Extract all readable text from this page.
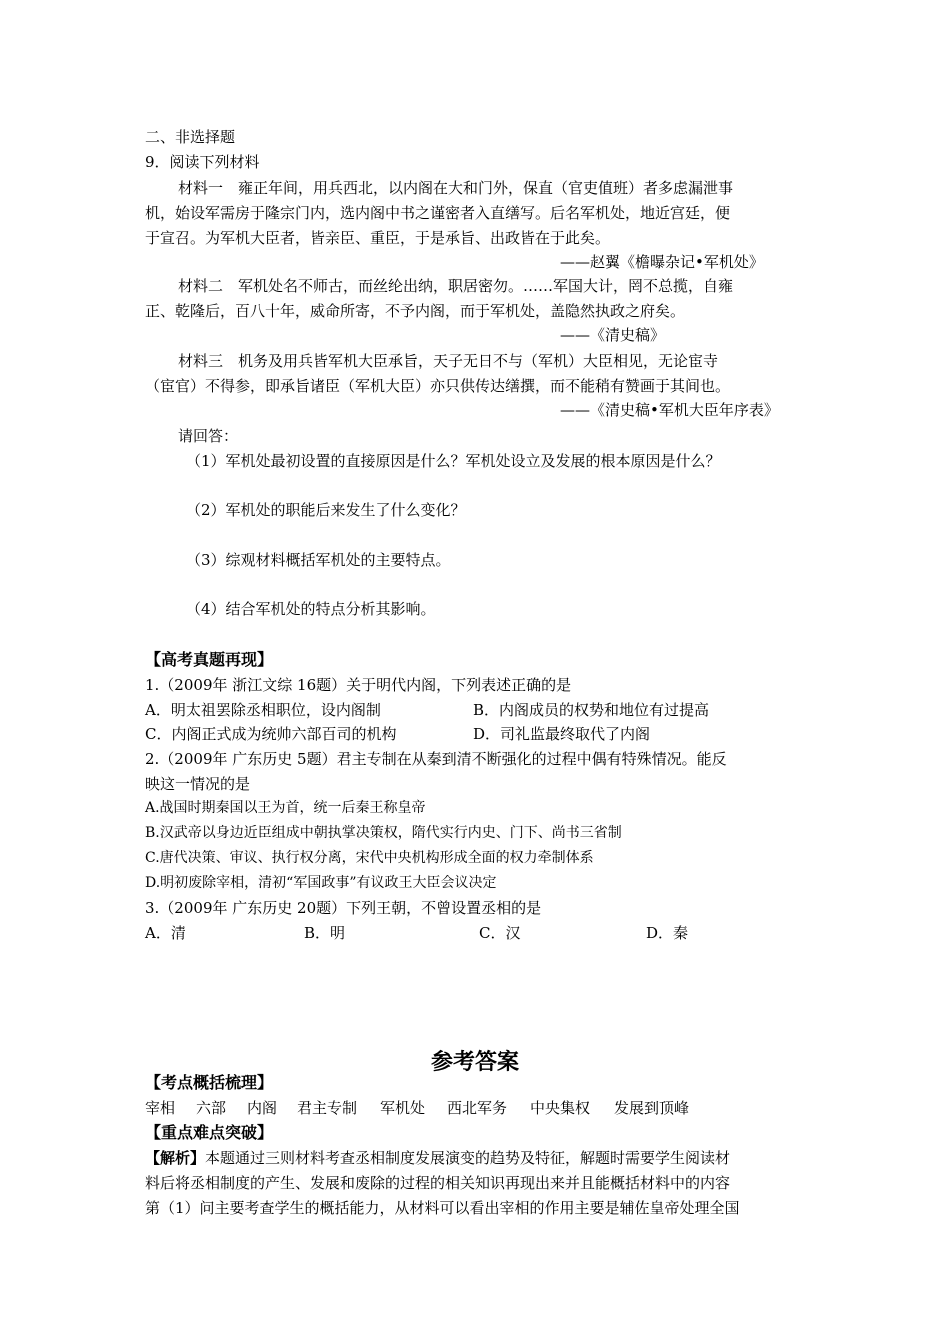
二、非选择题
9．阅读下列材料
材料一　雍正年间，用兵西北，以内阁在大和门外，保直（官吏值班）者多虑漏泄事
机，始设军需房于隆宗门内，选内阁中书之谨密者入直缮写。后名军机处，地近宫廷，便
于宣召。为军机大臣者，皆亲臣、重臣，于是承旨、出政皆在于此矣。
——赵翼《檐曝杂记•军机处》
材料二　军机处名不师古，而丝纶出纳，职居密勿。……军国大计，罔不总揽，自雍
正、乾隆后，百八十年，威命所寄，不予内阁，而于军机处，盖隐然执政之府矣。
——《清史稿》
材料三　机务及用兵皆军机大臣承旨，天子无日不与（军机）大臣相见，无论宦寺
（宦官）不得参，即承旨诸臣（军机大臣）亦只供传达缮撰，而不能稍有赞画于其间也。
——《清史稿•军机大臣年序表》
请回答：
（1）军机处最初设置的直接原因是什么？军机处设立及发展的根本原因是什么？
（2）军机处的职能后来发生了什么变化？
（3）综观材料概括军机处的主要特点。
（4）结合军机处的特点分析其影响。
【高考真题再现】
1.（2009年 浙江文综 16题）关于明代内阁，下列表述正确的是
A．明太祖罢除丞相职位，设内阁制	B．内阁成员的权势和地位有过提高
C．内阁正式成为统帅六部百司的机构	D．司礼监最终取代了内阁
2.（2009年 广东历史 5题）君主专制在从秦到清不断强化的过程中偶有特殊情况。能反
映这一情况的是
A.战国时期秦国以王为首，统一后秦王称皇帝
B.汉武帝以身边近臣组成中朝执掌决策权，隋代实行内史、门下、尚书三省制
C.唐代决策、审议、执行权分离，宋代中央机构形成全面的权力牵制体系
D.明初废除宰相，清初“军国政事”有议政王大臣会议决定
3.（2009年 广东历史 20题）下列王朝，不曾设置丞相的是
A．清	B．明	C．汉	D．秦
参考答案
【考点概括梳理】
宰相 六部 内阁 君主专制 军机处 西北军务 中央集权 发展到顶峰
【重点难点突破】
【解析】本题通过三则材料考查丞相制度发展演变的趋势及特征，解题时需要学生阅读材
料后将丞相制度的产生、发展和废除的过程的相关知识再现出来并且能概括材料中的内容
第（1）问主要考查学生的概括能力，从材料可以看出宰相的作用主要是辅佐皇帝处理全国
